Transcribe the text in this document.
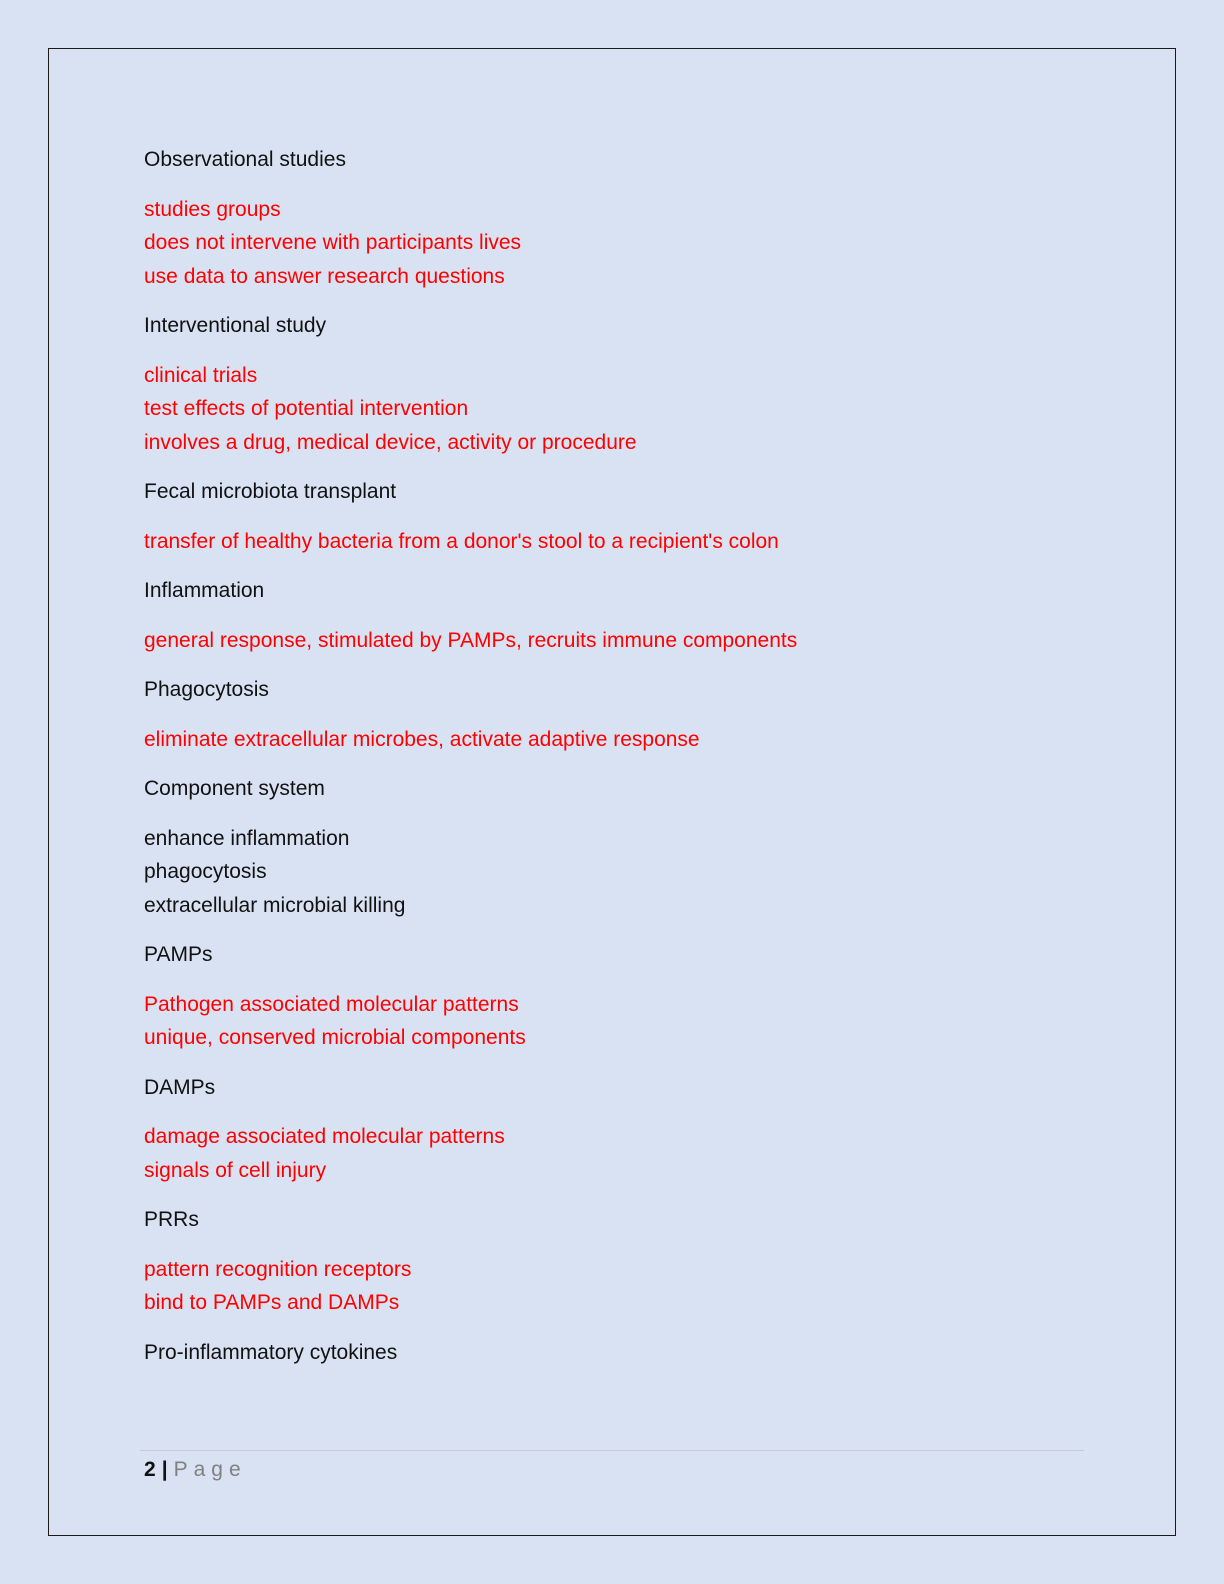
Observational studies
studies groups
does not intervene with participants lives
use data to answer research questions
Interventional study
clinical trials
test effects of potential intervention
involves a drug, medical device, activity or procedure
Fecal microbiota transplant
transfer of healthy bacteria from a donor's stool to a recipient's colon
Inflammation
general response, stimulated by PAMPs, recruits immune components
Phagocytosis
eliminate extracellular microbes, activate adaptive response
Component system
enhance inflammation
phagocytosis
extracellular microbial killing
PAMPs
Pathogen associated molecular patterns
unique, conserved microbial components
DAMPs
damage associated molecular patterns
signals of cell injury
PRRs
pattern recognition receptors
bind to PAMPs and DAMPs
Pro-inflammatory cytokines
2 | Page
